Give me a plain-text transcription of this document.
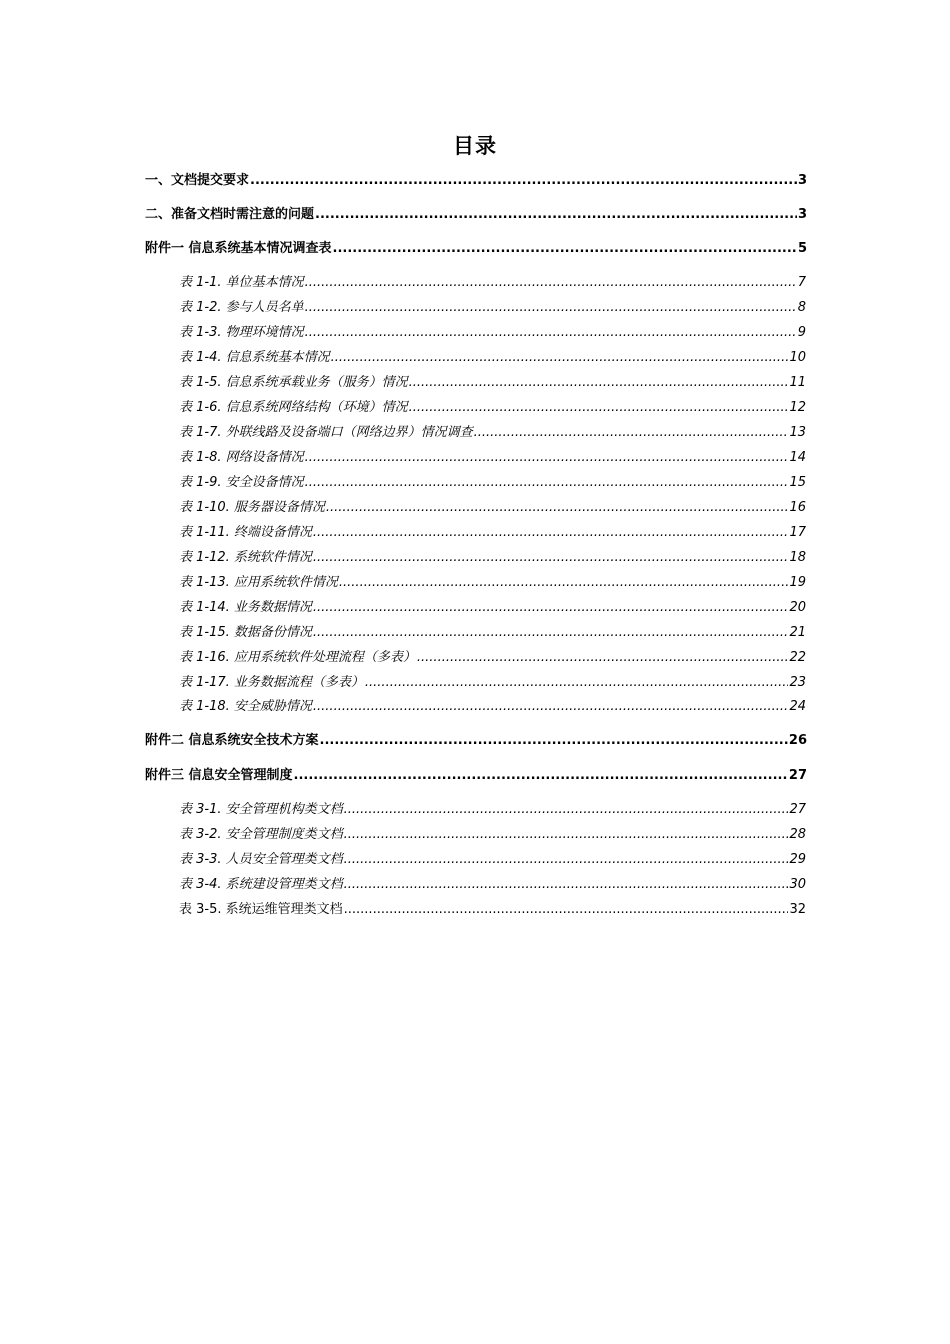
目录
一、文档提交要求 .....	3
二、准备文档时需注意的问题 .....	3
附件一 信息系统基本情况调查表 .....	5
表 1-1. 单位基本情况 .....	7
表 1-2. 参与人员名单 .....	8
表 1-3. 物理环境情况 .....	9
表 1-4. 信息系统基本情况 .....	10
表 1-5. 信息系统承载业务（服务）情况 .....	11
表 1-6. 信息系统网络结构（环境）情况 .....	12
表 1-7. 外联线路及设备端口（网络边界）情况调查 .....	13
表 1-8. 网络设备情况 .....	14
表 1-9. 安全设备情况 .....	15
表 1-10. 服务器设备情况 .....	16
表 1-11. 终端设备情况 .....	17
表 1-12. 系统软件情况 .....	18
表 1-13. 应用系统软件情况 .....	19
表 1-14. 业务数据情况 .....	20
表 1-15. 数据备份情况 .....	21
表 1-16. 应用系统软件处理流程（多表） .....	22
表 1-17. 业务数据流程（多表） .....	23
表 1-18. 安全威胁情况 .....	24
附件二 信息系统安全技术方案 .....	26
附件三 信息安全管理制度 .....	27
表 3-1. 安全管理机构类文档 .....	27
表 3-2. 安全管理制度类文档 .....	28
表 3-3. 人员安全管理类文档 .....	29
表 3-4. 系统建设管理类文档 .....	30
表 3-5. 系统运维管理类文档 .....	32
